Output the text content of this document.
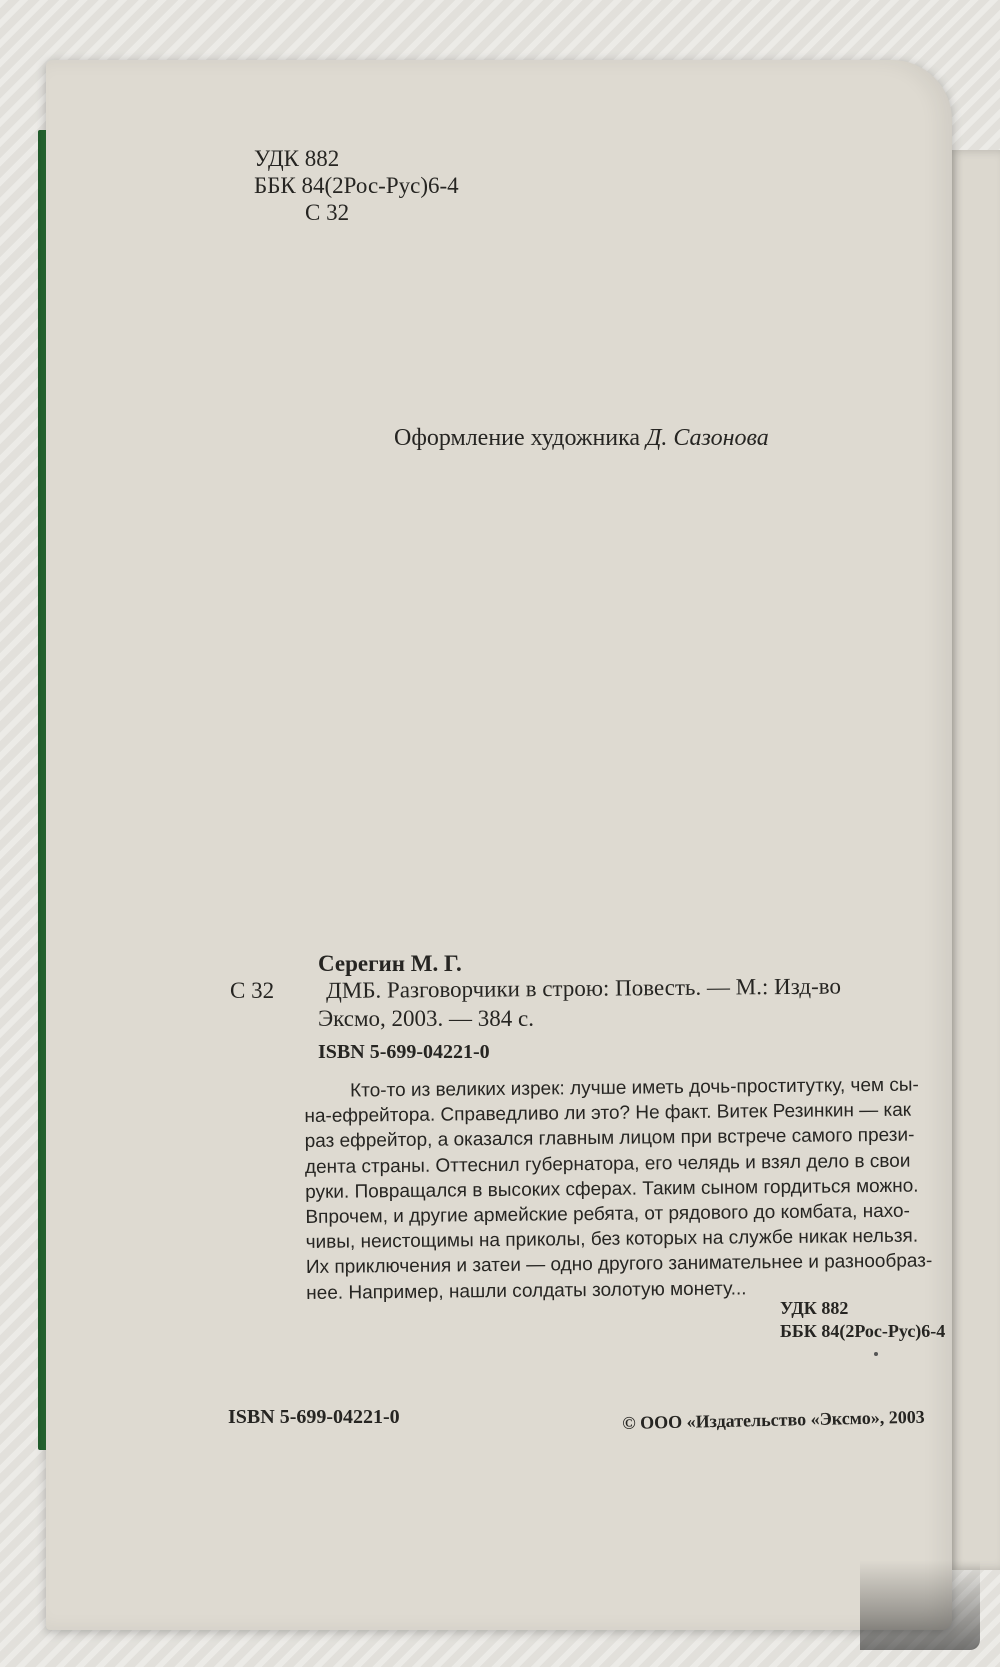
УДК 882
ББК 84(2Рос-Рус)6-4
С 32
Оформление художника Д. Сазонова
Серегин М. Г.
С 32 ДМБ. Разговорчики в строю: Повесть. — М.: Изд-во
Эксмо, 2003. — 384 с.
ISBN 5-699-04221-0
Кто-то из великих изрек: лучше иметь дочь-проститутку, чем сы-
на-ефрейтора. Справедливо ли это? Не факт. Витек Резинкин — как
раз ефрейтор, а оказался главным лицом при встрече самого прези-
дента страны. Оттеснил губернатора, его челядь и взял дело в свои
руки. Повращался в высоких сферах. Таким сыном гордиться можно.
Впрочем, и другие армейские ребята, от рядового до комбата, нахо-
чивы, неистощимы на приколы, без которых на службе никак нельзя.
Их приключения и затеи — одно другого занимательнее и разнообраз-
нее. Например, нашли солдаты золотую монету...
УДК 882
ББК 84(2Рос-Рус)6-4
ISBN 5-699-04221-0	© ООО «Издательство «Эксмо», 2003
